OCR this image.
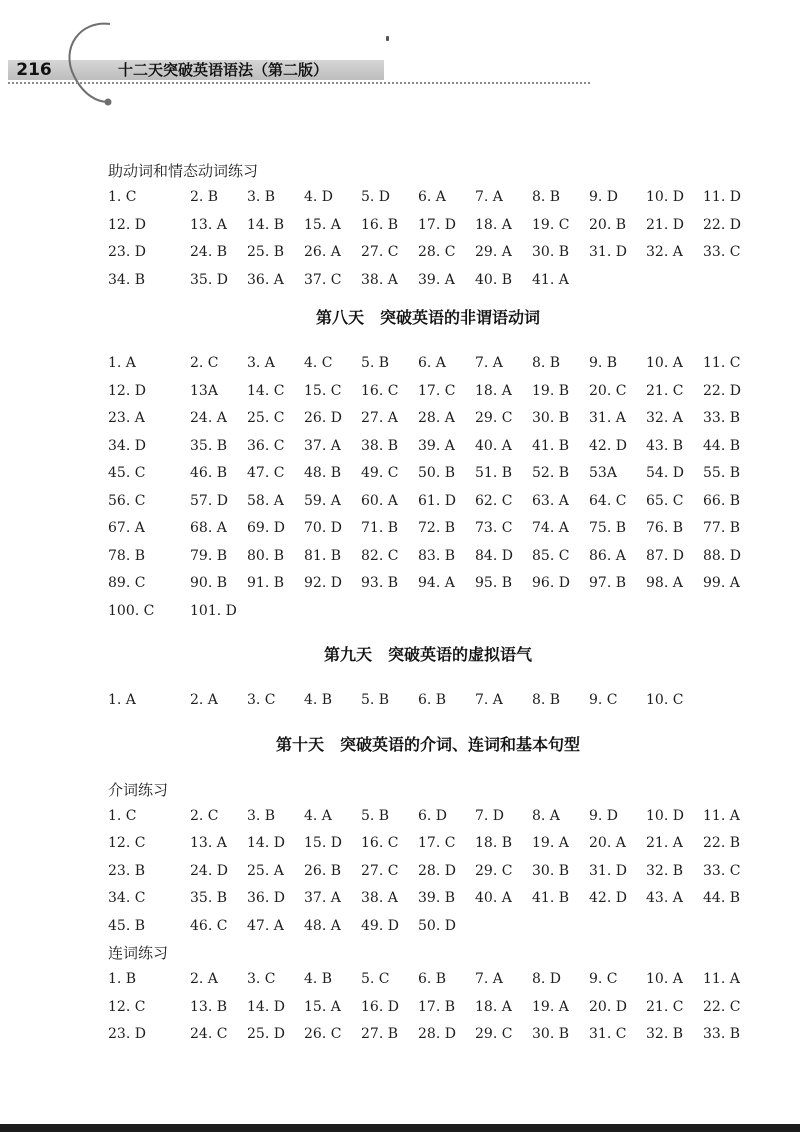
216	十二天突破英语语法（第二版）
助动词和情态动词练习
1. C	2. B	3. B	4. D	5. D	6. A	7. A	8. B	9. D	10. D	11. D
12. D	13. A	14. B	15. A	16. B	17. D	18. A	19. C	20. B	21. D	22. D
23. D	24. B	25. B	26. A	27. C	28. C	29. A	30. B	31. D	32. A	33. C
34. B	35. D	36. A	37. C	38. A	39. A	40. B	41. A
第八天　突破英语的非谓语动词
1. A	2. C	3. A	4. C	5. B	6. A	7. A	8. B	9. B	10. A	11. C
12. D	13A	14. C	15. C	16. C	17. C	18. A	19. B	20. C	21. C	22. D
23. A	24. A	25. C	26. D	27. A	28. A	29. C	30. B	31. A	32. A	33. B
34. D	35. B	36. C	37. A	38. B	39. A	40. A	41. B	42. D	43. B	44. B
45. C	46. B	47. C	48. B	49. C	50. B	51. B	52. B	53A	54. D	55. B
56. C	57. D	58. A	59. A	60. A	61. D	62. C	63. A	64. C	65. C	66. B
67. A	68. A	69. D	70. D	71. B	72. B	73. C	74. A	75. B	76. B	77. B
78. B	79. B	80. B	81. B	82. C	83. B	84. D	85. C	86. A	87. D	88. D
89. C	90. B	91. B	92. D	93. B	94. A	95. B	96. D	97. B	98. A	99. A
100. C	101. D
第九天　突破英语的虚拟语气
1. A	2. A	3. C	4. B	5. B	6. B	7. A	8. B	9. C	10. C
第十天　突破英语的介词、连词和基本句型
介词练习
1. C	2. C	3. B	4. A	5. B	6. D	7. D	8. A	9. D	10. D	11. A
12. C	13. A	14. D	15. D	16. C	17. C	18. B	19. A	20. A	21. A	22. B
23. B	24. D	25. A	26. B	27. C	28. D	29. C	30. B	31. D	32. B	33. C
34. C	35. B	36. D	37. A	38. A	39. B	40. A	41. B	42. D	43. A	44. B
45. B	46. C	47. A	48. A	49. D	50. D
连词练习
1. B	2. A	3. C	4. B	5. C	6. B	7. A	8. D	9. C	10. A	11. A
12. C	13. B	14. D	15. A	16. D	17. B	18. A	19. A	20. D	21. C	22. C
23. D	24. C	25. D	26. C	27. B	28. D	29. C	30. B	31. C	32. B	33. B
